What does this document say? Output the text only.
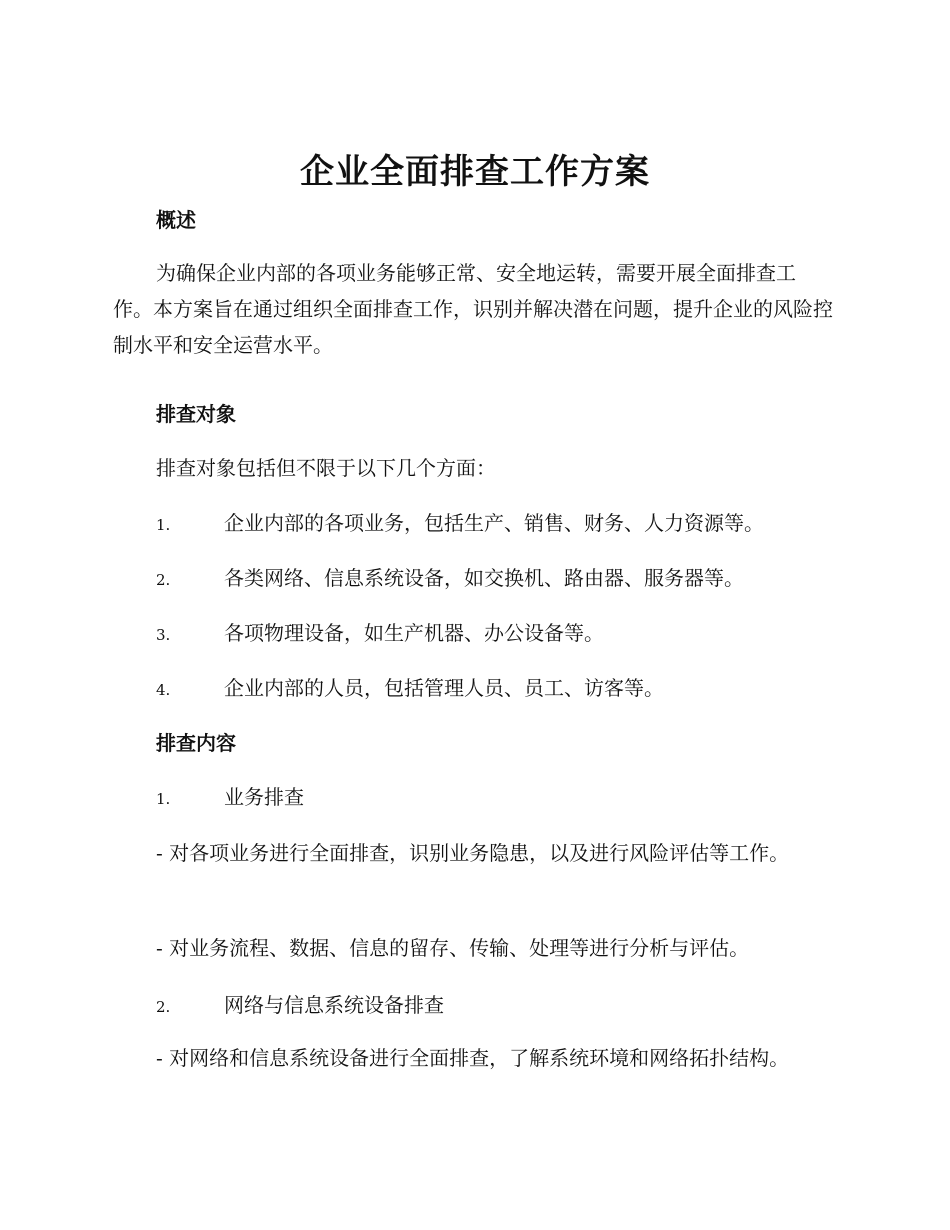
企业全面排查工作方案
概述
为确保企业内部的各项业务能够正常、安全地运转，需要开展全面排查工作。本方案旨在通过组织全面排查工作，识别并解决潜在问题，提升企业的风险控制水平和安全运营水平。
排查对象
排查对象包括但不限于以下几个方面：
1.	企业内部的各项业务，包括生产、销售、财务、人力资源等。
2.	各类网络、信息系统设备，如交换机、路由器、服务器等。
3.	各项物理设备，如生产机器、办公设备等。
4.	企业内部的人员，包括管理人员、员工、访客等。
排查内容
1.	业务排查
- 对各项业务进行全面排查，识别业务隐患，以及进行风险评估等工作。
- 对业务流程、数据、信息的留存、传输、处理等进行分析与评估。
2.	网络与信息系统设备排查
- 对网络和信息系统设备进行全面排查，了解系统环境和网络拓扑结构。
